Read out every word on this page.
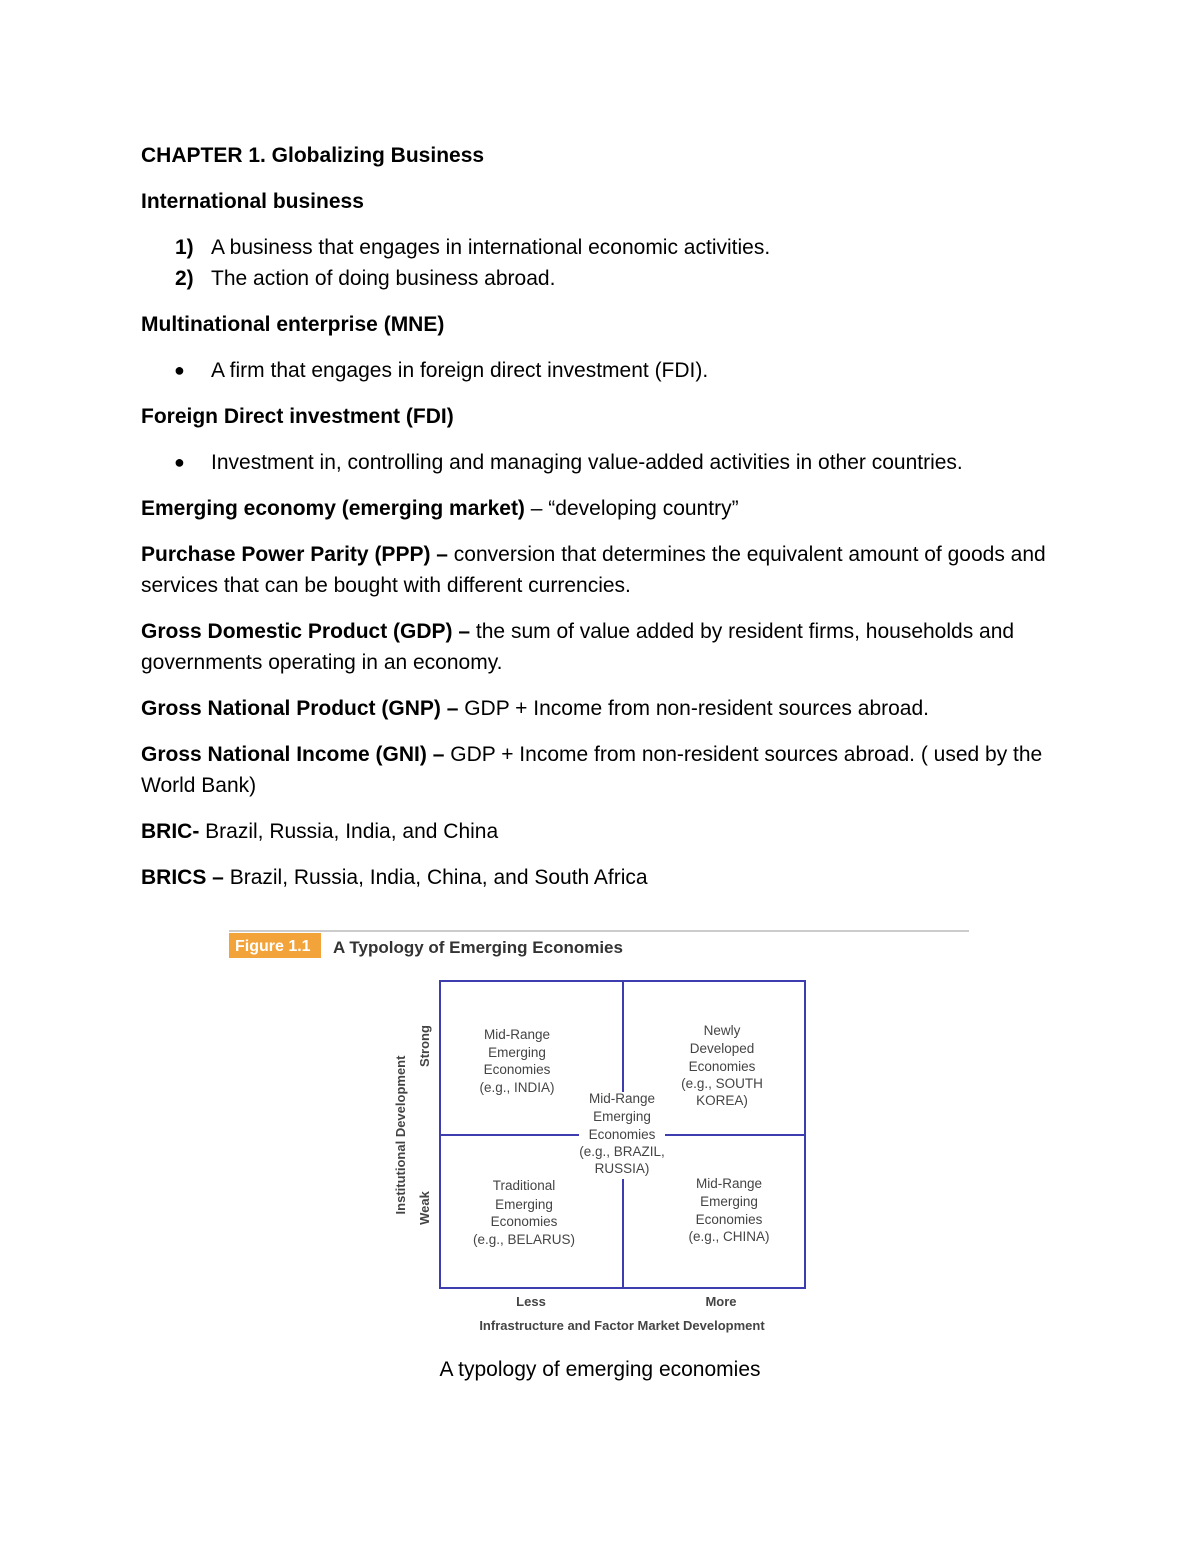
CHAPTER 1. Globalizing Business

International business

1) A business that engages in international economic activities.
2) The action of doing business abroad.

Multinational enterprise (MNE)

● A firm that engages in foreign direct investment (FDI).

Foreign Direct investment (FDI)

● Investment in, controlling and managing value-added activities in other countries.

Emerging economy (emerging market) – “developing country”

Purchase Power Parity (PPP) – conversion that determines the equivalent amount of goods and services that can be bought with different currencies.

Gross Domestic Product (GDP) – the sum of value added by resident firms, households and governments operating in an economy.

Gross National Product (GNP) – GDP + Income from non-resident sources abroad.

Gross National Income (GNI) – GDP + Income from non-resident sources abroad. ( used by the World Bank)

BRIC- Brazil, Russia, India, and China

BRICS – Brazil, Russia, India, China, and South Africa

Figure 1.1 A Typology of Emerging Economies
Institutional Development
Strong
Weak
Less	More
Infrastructure and Factor Market Development
Mid-Range
Emerging
Economies
(e.g., INDIA)
Newly
Developed
Economies
(e.g., SOUTH
KOREA)
Mid-Range
Emerging
Economies
(e.g., BRAZIL,
RUSSIA)
Traditional
Emerging
Economies
(e.g., BELARUS)
Mid-Range
Emerging
Economies
(e.g., CHINA)
A typology of emerging economies
